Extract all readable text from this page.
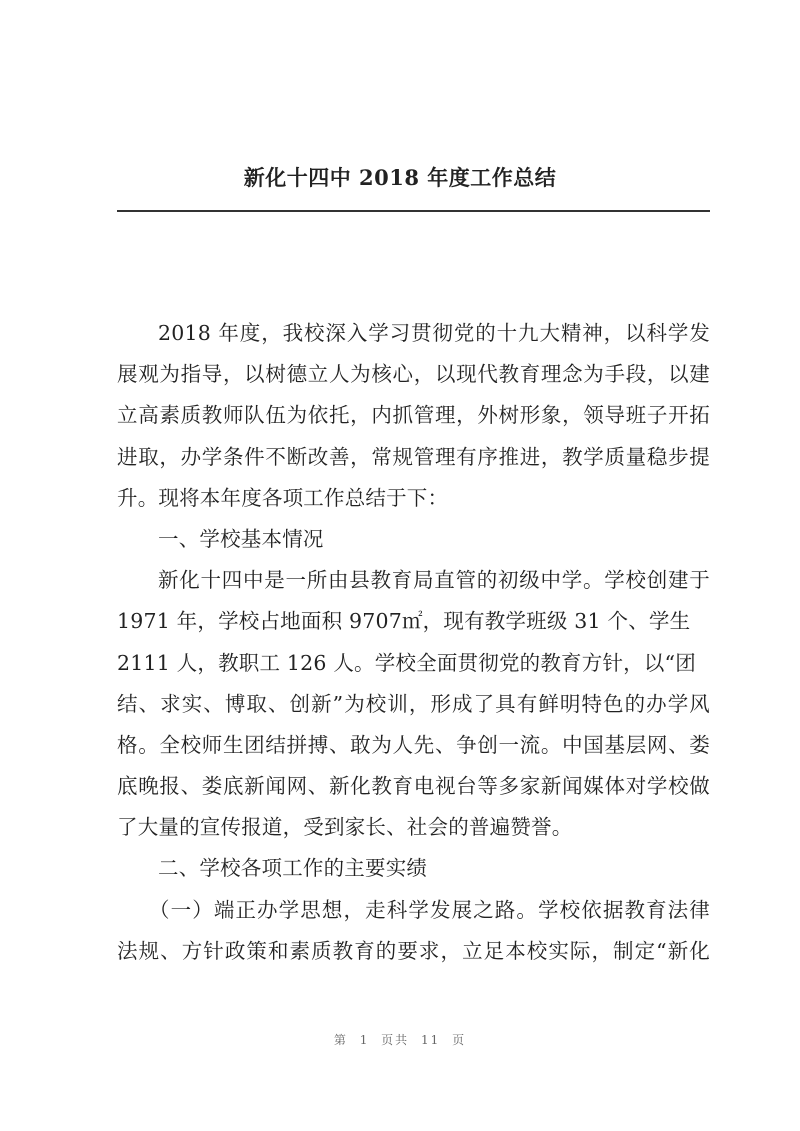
新化十四中 2018 年度工作总结
2018 年度，我校深入学习贯彻党的十九大精神，以科学发
展观为指导，以树德立人为核心，以现代教育理念为手段，以建
立高素质教师队伍为依托，内抓管理，外树形象，领导班子开拓
进取，办学条件不断改善，常规管理有序推进，教学质量稳步提
升。现将本年度各项工作总结于下：
一、学校基本情况
新化十四中是一所由县教育局直管的初级中学。学校创建于
1971 年，学校占地面积 9707㎡，现有教学班级 31 个、学生
2111 人，教职工 126 人。学校全面贯彻党的教育方针，以“团
结、求实、博取、创新”为校训，形成了具有鲜明特色的办学风
格。全校师生团结拼搏、敢为人先、争创一流。中国基层网、娄
底晚报、娄底新闻网、新化教育电视台等多家新闻媒体对学校做
了大量的宣传报道，受到家长、社会的普遍赞誉。
二、学校各项工作的主要实绩
（一）端正办学思想，走科学发展之路。学校依据教育法律
法规、方针政策和素质教育的要求，立足本校实际，制定“新化
第 1 页共 11 页
